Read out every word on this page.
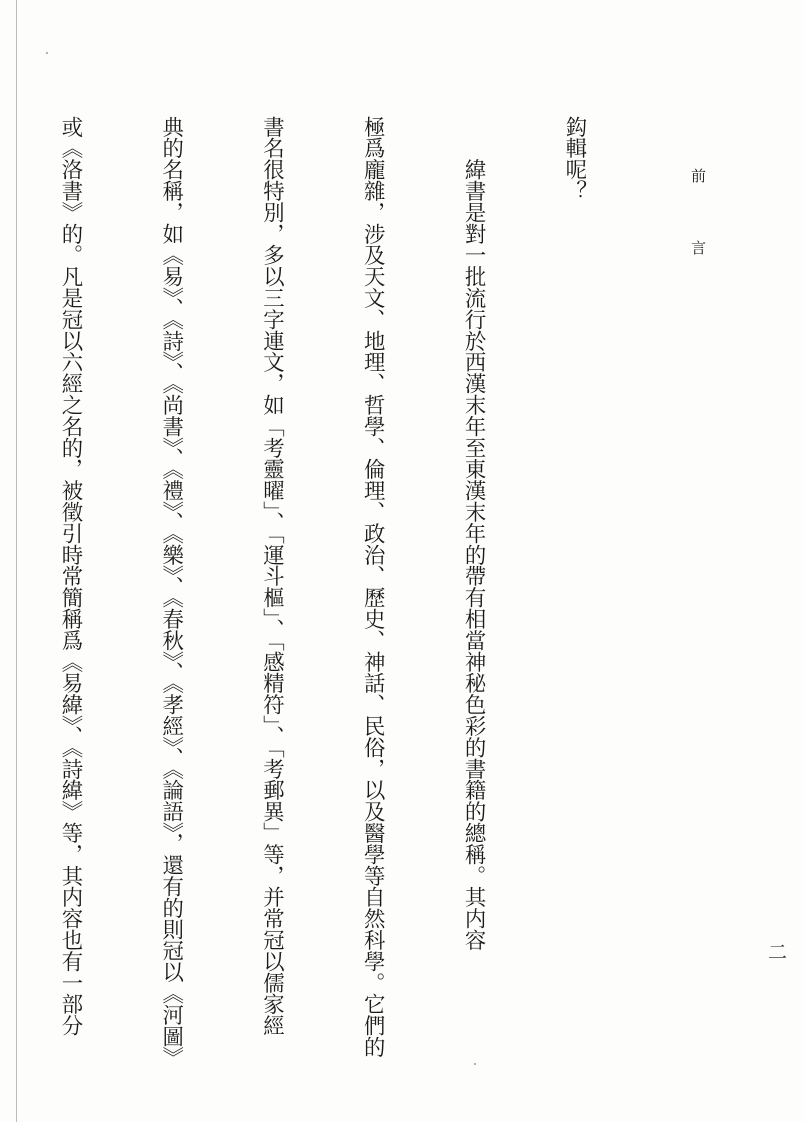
前 言

鈎輯呢？

　　緯書是對一批流行於西漢末年至東漢末年的帶有相當神秘色彩的書籍的總稱。其内容

極爲龐雜，涉及天文、地理、哲學、倫理、政治、歷史、神話、民俗，以及醫學等自然科學。它們的

書名很特別，多以三字連文，如「考靈曜」、「運斗樞」、「感精符」、「考郵異」等，并常冠以儒家經

典的名稱，如《易》、《詩》、《尚書》、《禮》、《樂》、《春秋》、《孝經》、《論語》，還有的則冠以《河圖》

或《洛書》的。凡是冠以六經之名的，被徵引時常簡稱爲《易緯》、《詩緯》等，其内容也有一部分

	二
